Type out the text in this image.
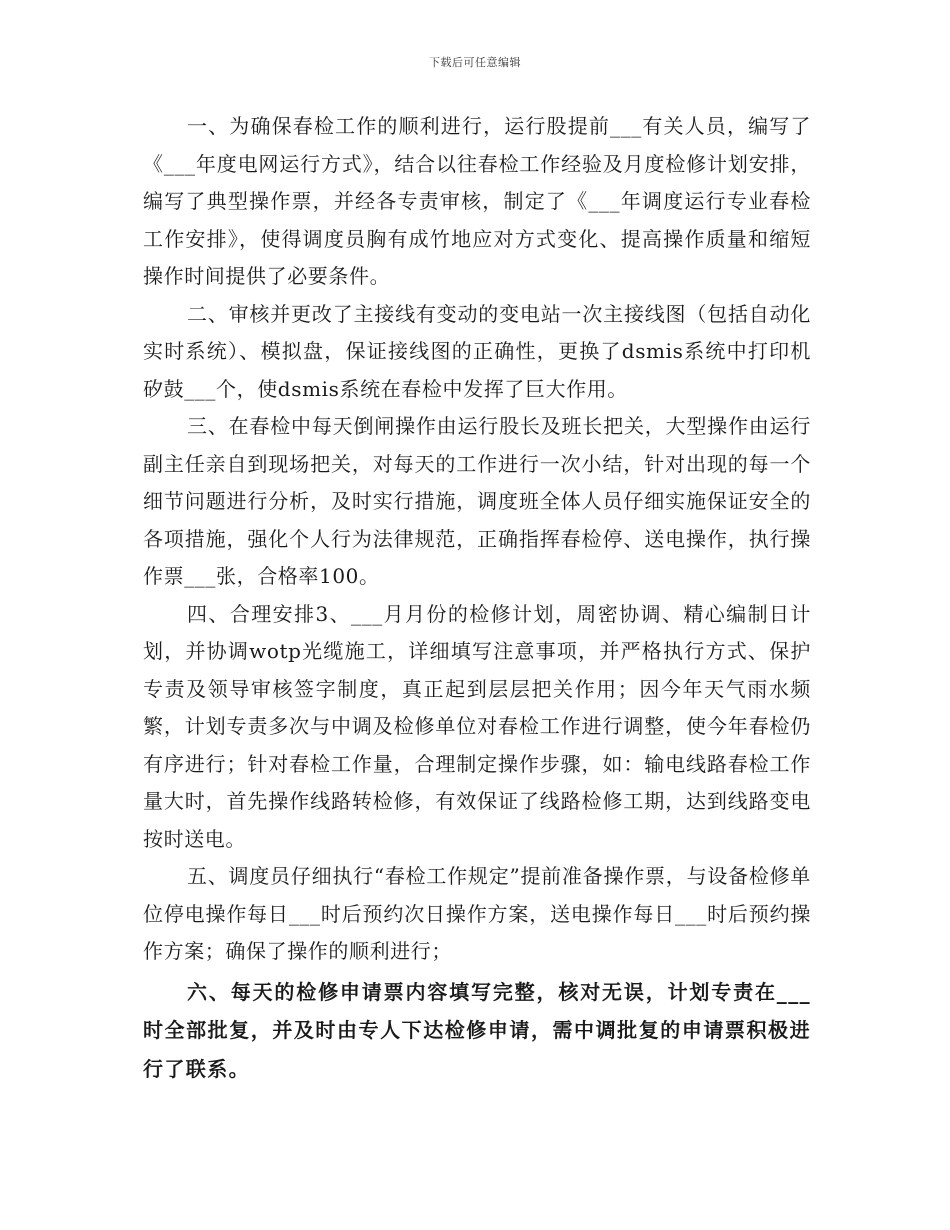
下载后可任意编辑

一、为确保春检工作的顺利进行，运行股提前___有关人员，编写了《___年度电网运行方式》，结合以往春检工作经验及月度检修计划安排，编写了典型操作票，并经各专责审核，制定了《___年调度运行专业春检工作安排》，使得调度员胸有成竹地应对方式变化、提高操作质量和缩短操作时间提供了必要条件。

二、审核并更改了主接线有变动的变电站一次主接线图（包括自动化实时系统）、模拟盘，保证接线图的正确性，更换了dsmis系统中打印机矽鼓___个，使dsmis系统在春检中发挥了巨大作用。

三、在春检中每天倒闸操作由运行股长及班长把关，大型操作由运行副主任亲自到现场把关，对每天的工作进行一次小结，针对出现的每一个细节问题进行分析，及时实行措施，调度班全体人员仔细实施保证安全的各项措施，强化个人行为法律规范，正确指挥春检停、送电操作，执行操作票___张，合格率100。

四、合理安排3、___月月份的检修计划，周密协调、精心编制日计划，并协调wotp光缆施工，详细填写注意事项，并严格执行方式、保护专责及领导审核签字制度，真正起到层层把关作用；因今年天气雨水频繁，计划专责多次与中调及检修单位对春检工作进行调整，使今年春检仍有序进行；针对春检工作量，合理制定操作步骤，如：输电线路春检工作量大时，首先操作线路转检修，有效保证了线路检修工期，达到线路变电按时送电。

五、调度员仔细执行“春检工作规定”提前准备操作票，与设备检修单位停电操作每日___时后预约次日操作方案，送电操作每日___时后预约操作方案；确保了操作的顺利进行；

六、每天的检修申请票内容填写完整，核对无误，计划专责在___时全部批复，并及时由专人下达检修申请，需中调批复的申请票积极进行了联系。
